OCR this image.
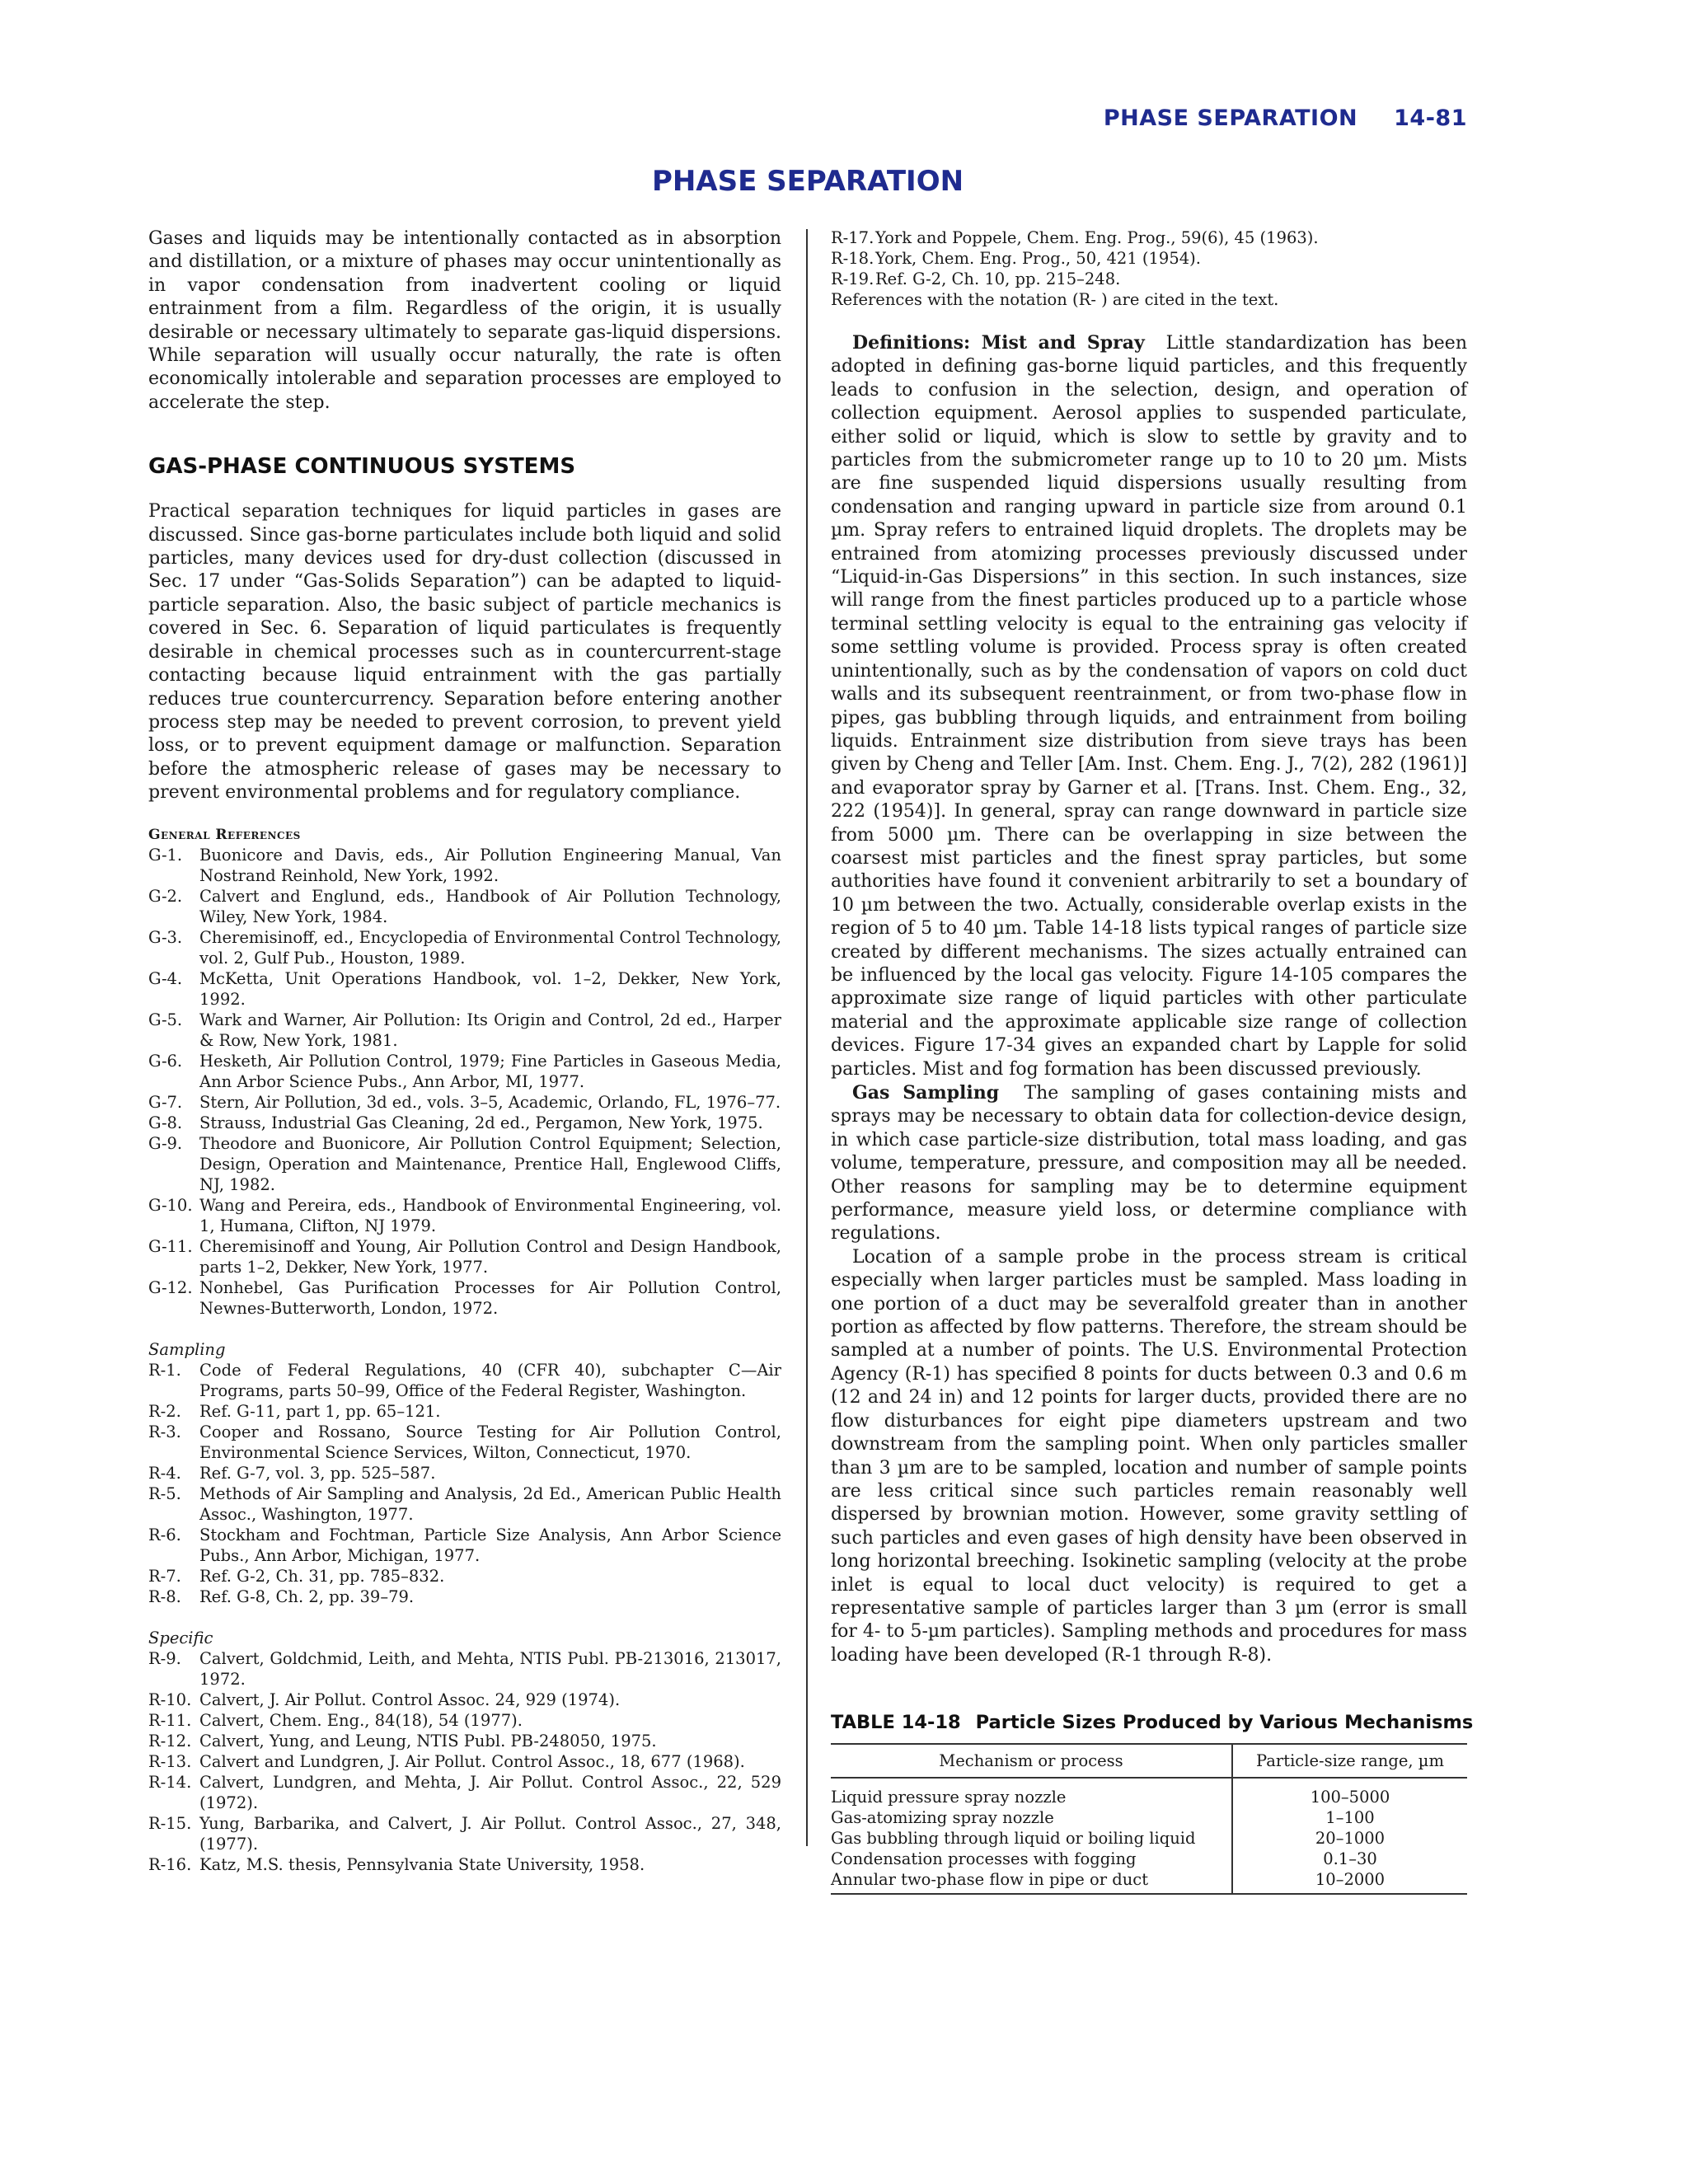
PHASE SEPARATION 14-81
PHASE SEPARATION

Gases and liquids may be intentionally contacted as in absorption and distillation, or a mixture of phases may occur unintentionally as in vapor condensation from inadvertent cooling or liquid entrainment from a film. Regardless of the origin, it is usually desirable or necessary ultimately to separate gas-liquid dispersions. While separation will usually occur naturally, the rate is often economically intolerable and separation processes are employed to accelerate the step.

GAS-PHASE CONTINUOUS SYSTEMS

Practical separation techniques for liquid particles in gases are discussed. Since gas-borne particulates include both liquid and solid particles, many devices used for dry-dust collection (discussed in Sec. 17 under “Gas-Solids Separation”) can be adapted to liquid-particle separation. Also, the basic subject of particle mechanics is covered in Sec. 6. Separation of liquid particulates is frequently desirable in chemical processes such as in countercurrent-stage contacting because liquid entrainment with the gas partially reduces true countercurrency. Separation before entering another process step may be needed to prevent corrosion, to prevent yield loss, or to prevent equipment damage or malfunction. Separation before the atmospheric release of gases may be necessary to prevent environmental problems and for regulatory compliance.

General References
G-1.	Buonicore and Davis, eds., Air Pollution Engineering Manual, Van Nostrand Reinhold, New York, 1992.
G-2.	Calvert and Englund, eds., Handbook of Air Pollution Technology, Wiley, New York, 1984.
G-3.	Cheremisinoff, ed., Encyclopedia of Environmental Control Technology, vol. 2, Gulf Pub., Houston, 1989.
G-4.	McKetta, Unit Operations Handbook, vol. 1–2, Dekker, New York, 1992.
G-5.	Wark and Warner, Air Pollution: Its Origin and Control, 2d ed., Harper & Row, New York, 1981.
G-6.	Hesketh, Air Pollution Control, 1979; Fine Particles in Gaseous Media, Ann Arbor Science Pubs., Ann Arbor, MI, 1977.
G-7.	Stern, Air Pollution, 3d ed., vols. 3–5, Academic, Orlando, FL, 1976–77.
G-8.	Strauss, Industrial Gas Cleaning, 2d ed., Pergamon, New York, 1975.
G-9.	Theodore and Buonicore, Air Pollution Control Equipment; Selection, Design, Operation and Maintenance, Prentice Hall, Englewood Cliffs, NJ, 1982.
G-10. Wang and Pereira, eds., Handbook of Environmental Engineering, vol. 1, Humana, Clifton, NJ 1979.
G-11. Cheremisinoff and Young, Air Pollution Control and Design Handbook, parts 1–2, Dekker, New York, 1977.
G-12. Nonhebel, Gas Purification Processes for Air Pollution Control, Newnes-Butterworth, London, 1972.
Sampling
R-1.	Code of Federal Regulations, 40 (CFR 40), subchapter C—Air Programs, parts 50–99, Office of the Federal Register, Washington.
R-2.	Ref. G-11, part 1, pp. 65–121.
R-3.	Cooper and Rossano, Source Testing for Air Pollution Control, Environmental Science Services, Wilton, Connecticut, 1970.
R-4.	Ref. G-7, vol. 3, pp. 525–587.
R-5.	Methods of Air Sampling and Analysis, 2d Ed., American Public Health Assoc., Washington, 1977.
R-6.	Stockham and Fochtman, Particle Size Analysis, Ann Arbor Science Pubs., Ann Arbor, Michigan, 1977.
R-7.	Ref. G-2, Ch. 31, pp. 785–832.
R-8.	Ref. G-8, Ch. 2, pp. 39–79.
Specific
R-9.	Calvert, Goldchmid, Leith, and Mehta, NTIS Publ. PB-213016, 213017, 1972.
R-10. Calvert, J. Air Pollut. Control Assoc. 24, 929 (1974).
R-11. Calvert, Chem. Eng., 84(18), 54 (1977).
R-12. Calvert, Yung, and Leung, NTIS Publ. PB-248050, 1975.
R-13. Calvert and Lundgren, J. Air Pollut. Control Assoc., 18, 677 (1968).
R-14. Calvert, Lundgren, and Mehta, J. Air Pollut. Control Assoc., 22, 529 (1972).
R-15. Yung, Barbarika, and Calvert, J. Air Pollut. Control Assoc., 27, 348, (1977).
R-16. Katz, M.S. thesis, Pennsylvania State University, 1958.
R-17. York and Poppele, Chem. Eng. Prog., 59(6), 45 (1963).
R-18. York, Chem. Eng. Prog., 50, 421 (1954).
R-19. Ref. G-2, Ch. 10, pp. 215–248.

References with the notation (R- ) are cited in the text.

Definitions: Mist and Spray Little standardization has been adopted in defining gas-borne liquid particles, and this frequently leads to confusion in the selection, design, and operation of collection equipment. Aerosol applies to suspended particulate, either solid or liquid, which is slow to settle by gravity and to particles from the submicrometer range up to 10 to 20 µm. Mists are fine suspended liquid dispersions usually resulting from condensation and ranging upward in particle size from around 0.1 µm. Spray refers to entrained liquid droplets. The droplets may be entrained from atomizing processes previously discussed under “Liquid-in-Gas Dispersions” in this section. In such instances, size will range from the finest particles produced up to a particle whose terminal settling velocity is equal to the entraining gas velocity if some settling volume is provided. Process spray is often created unintentionally, such as by the condensation of vapors on cold duct walls and its subsequent reentrainment, or from two-phase flow in pipes, gas bubbling through liquids, and entrainment from boiling liquids. Entrainment size distribution from sieve trays has been given by Cheng and Teller [Am. Inst. Chem. Eng. J., 7(2), 282 (1961)] and evaporator spray by Garner et al. [Trans. Inst. Chem. Eng., 32, 222 (1954)]. In general, spray can range downward in particle size from 5000 µm. There can be overlapping in size between the coarsest mist particles and the finest spray particles, but some authorities have found it convenient arbitrarily to set a boundary of 10 µm between the two. Actually, considerable overlap exists in the region of 5 to 40 µm. Table 14-18 lists typical ranges of particle size created by different mechanisms. The sizes actually entrained can be influenced by the local gas velocity. Figure 14-105 compares the approximate size range of liquid particles with other particulate material and the approximate applicable size range of collection devices. Figure 17-34 gives an expanded chart by Lapple for solid particles. Mist and fog formation has been discussed previously.

Gas Sampling The sampling of gases containing mists and sprays may be necessary to obtain data for collection-device design, in which case particle-size distribution, total mass loading, and gas volume, temperature, pressure, and composition may all be needed. Other reasons for sampling may be to determine equipment performance, measure yield loss, or determine compliance with regulations.

Location of a sample probe in the process stream is critical especially when larger particles must be sampled. Mass loading in one portion of a duct may be severalfold greater than in another portion as affected by flow patterns. Therefore, the stream should be sampled at a number of points. The U.S. Environmental Protection Agency (R-1) has specified 8 points for ducts between 0.3 and 0.6 m (12 and 24 in) and 12 points for larger ducts, provided there are no flow disturbances for eight pipe diameters upstream and two downstream from the sampling point. When only particles smaller than 3 µm are to be sampled, location and number of sample points are less critical since such particles remain reasonably well dispersed by brownian motion. However, some gravity settling of such particles and even gases of high density have been observed in long horizontal breeching. Isokinetic sampling (velocity at the probe inlet is equal to local duct velocity) is required to get a representative sample of particles larger than 3 µm (error is small for 4- to 5-µm particles). Sampling methods and procedures for mass loading have been developed (R-1 through R-8).

TABLE 14-18 Particle Sizes Produced by Various Mechanisms
Mechanism or process	Particle-size range, µm
Liquid pressure spray nozzle	100–5000
Gas-atomizing spray nozzle	1–100
Gas bubbling through liquid or boiling liquid	20–1000
Condensation processes with fogging	0.1–30
Annular two-phase flow in pipe or duct	10–2000
